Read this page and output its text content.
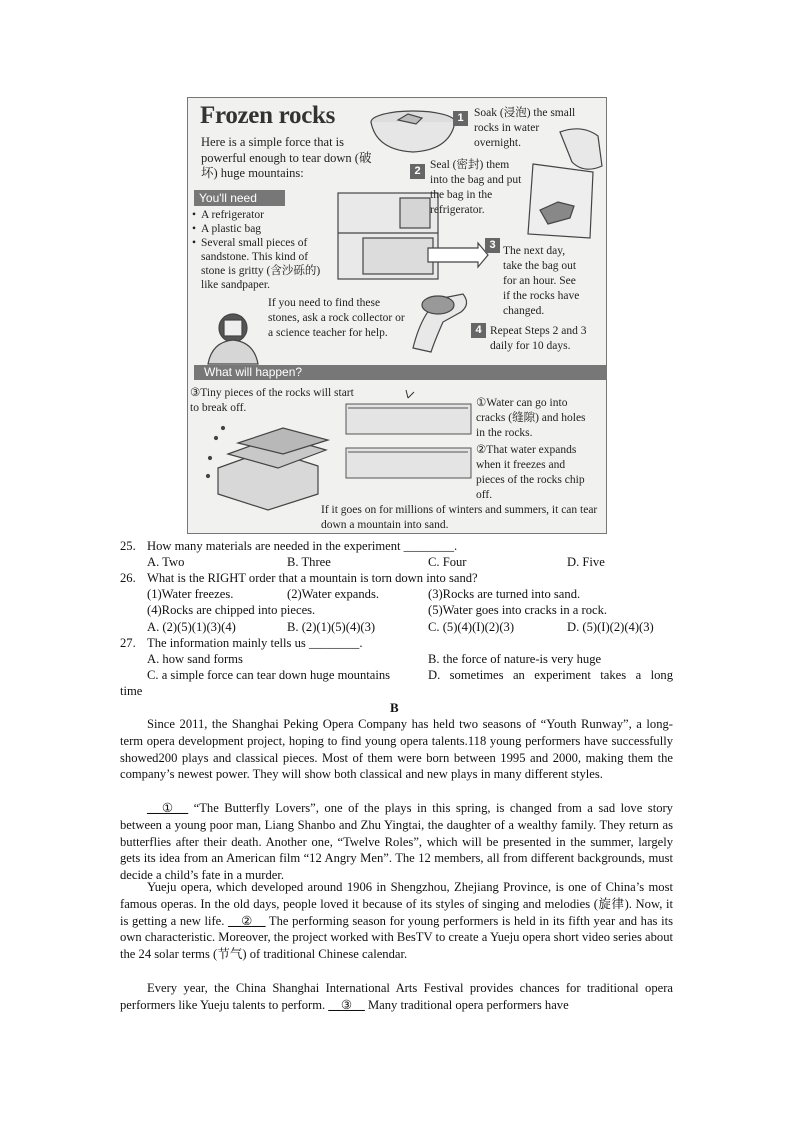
Frozen rocks
Here is a simple force that is powerful enough to tear down (破坏) huge mountains:
You'll need
• A refrigerator
• A plastic bag
• Several small pieces of sandstone. This kind of stone is gritty (含沙砾的) like sandpaper.
If you need to find these stones, ask a rock collector or a science teacher for help.
1 Soak (浸泡) the small rocks in water overnight.
2 Seal (密封) them into the bag and put the bag in the refrigerator.
3 The next day, take the bag out for an hour. See if the rocks have changed.
4 Repeat Steps 2 and 3 daily for 10 days.
What will happen?
③Tiny pieces of the rocks will start to break off.	①Water can go into cracks (缝隙) and holes in the rocks.
②That water expands when it freezes and pieces of the rocks chip off.
If it goes on for millions of winters and summers, it can tear down a mountain into sand.
25. How many materials are needed in the experiment ________.
A. Two	B. Three	C. Four	D. Five
26. What is the RIGHT order that a mountain is torn down into sand?
(1)Water freezes.	(2)Water expands.	(3)Rocks are turned into sand.
(4)Rocks are chipped into pieces.	(5)Water goes into cracks in a rock.
A. (2)(5)(1)(3)(4)	B. (2)(1)(5)(4)(3)	C. (5)(4)(I)(2)(3)	D. (5)(I)(2)(4)(3)
27. The information mainly tells us ________.
A. how sand forms	B. the force of nature-is very huge
C. a simple force can tear down huge mountains	D. sometimes an experiment takes a long
time
B
Since 2011, the Shanghai Peking Opera Company has held two seasons of “Youth Runway”, a long-term opera development project, hoping to find young opera talents.118 young performers have successfully showed200 plays and classical pieces. Most of them were born between 1995 and 2000, making them the company’s newest power. They will show both classical and new plays in many different styles.
__①__ “The Butterfly Lovers”, one of the plays in this spring, is changed from a sad love story between a young poor man, Liang Shanbo and Zhu Yingtai, the daughter of a wealthy family. They return as butterflies after their death. Another one, “Twelve Roles”, which will be presented in the summer, largely gets its idea from an American film “12 Angry Men”. The 12 members, all from different backgrounds, must decide a child’s fate in a murder.
Yueju opera, which developed around 1906 in Shengzhou, Zhejiang Province, is one of China’s most famous operas. In the old days, people loved it because of its styles of singing and melodies (旋律). Now, it is getting a new life. __②__ The performing season for young performers is held in its fifth year and has its own characteristic. Moreover, the project worked with BesTV to create a Yueju opera short video series about the 24 solar terms (节气) of traditional Chinese calendar.
Every year, the China Shanghai International Arts Festival provides chances for traditional opera performers like Yueju talents to perform. __③__ Many traditional opera performers have
